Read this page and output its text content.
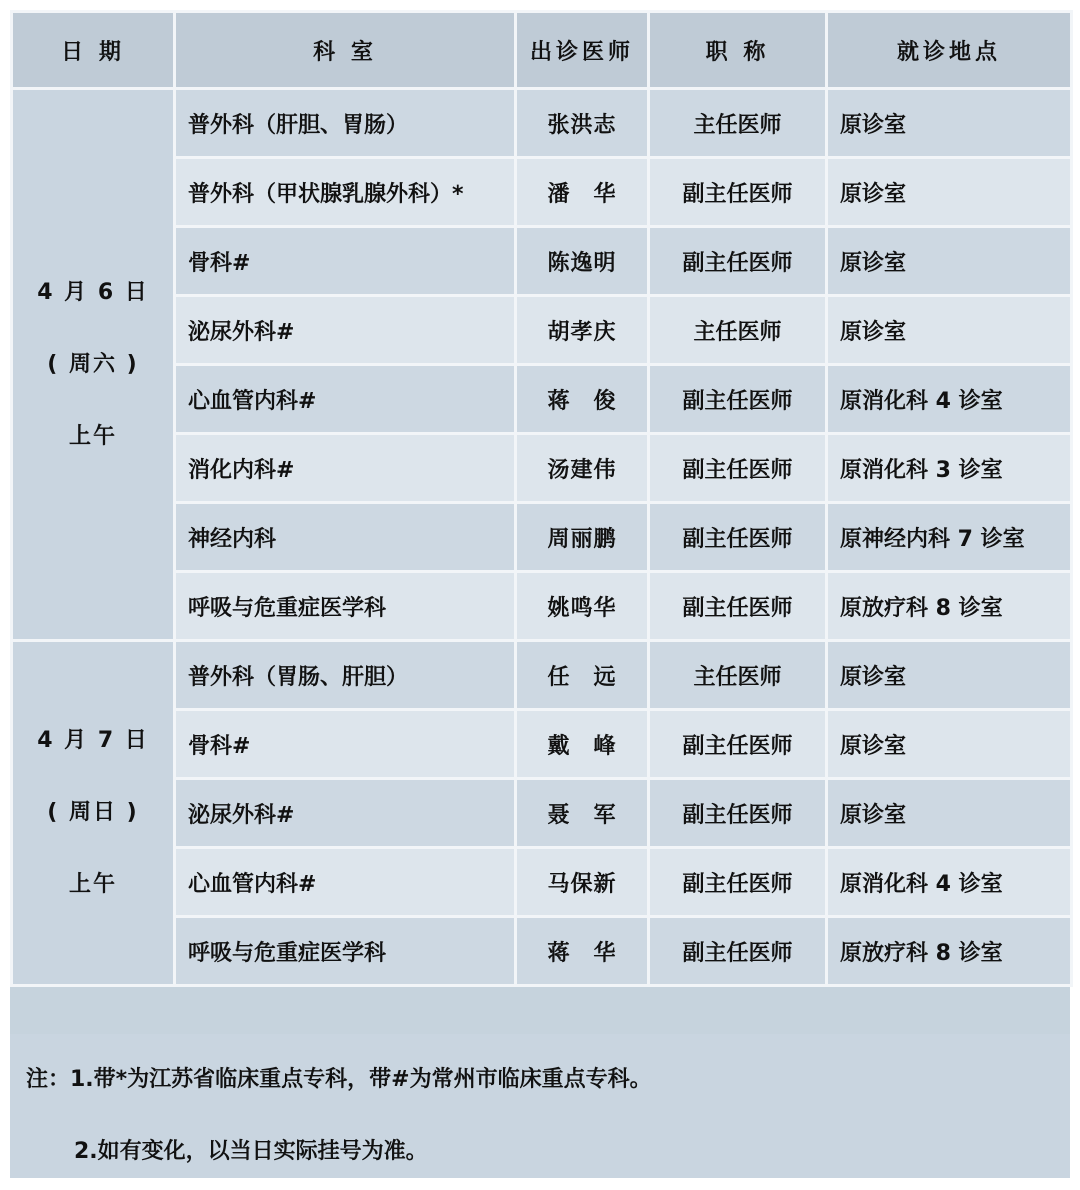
日 期	科 室	出诊医师	职 称	就诊地点

4 月 6 日
( 周六 )
上午	普外科（肝胆、胃肠）	张洪志	主任医师	原诊室
	普外科（甲状腺乳腺外科）*	潘　华	副主任医师	原诊室
	骨科#	陈逸明	副主任医师	原诊室
	泌尿外科#	胡孝庆	主任医师	原诊室
	心血管内科#	蒋　俊	副主任医师	原消化科 4 诊室
	消化内科#	汤建伟	副主任医师	原消化科 3 诊室
	神经内科	周丽鹏	副主任医师	原神经内科 7 诊室
	呼吸与危重症医学科	姚鸣华	副主任医师	原放疗科 8 诊室

4 月 7 日
( 周日 )
上午	普外科（胃肠、肝胆）	任　远	主任医师	原诊室
	骨科#	戴　峰	副主任医师	原诊室
	泌尿外科#	聂　军	副主任医师	原诊室
	心血管内科#	马保新	副主任医师	原消化科 4 诊室
	呼吸与危重症医学科	蒋　华	副主任医师	原放疗科 8 诊室
注：1.带*为江苏省临床重点专科，带#为常州市临床重点专科。
2.如有变化，以当日实际挂号为准。
